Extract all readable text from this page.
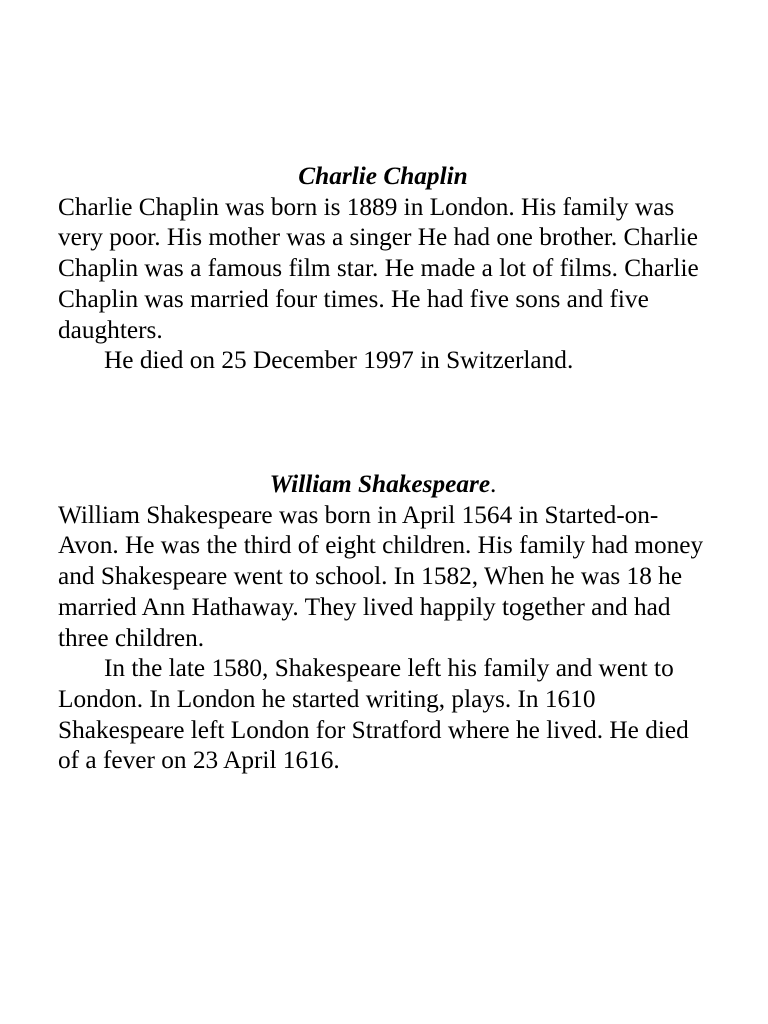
Charlie Chaplin

Charlie Chaplin was born is 1889 in London. His family was very poor. His mother was a singer He had one brother. Charlie Chaplin was a famous film star. He made a lot of films. Charlie Chaplin was married four times. He had five sons and five daughters.

He died on 25 December 1997 in Switzerland.

William Shakespeare.

William Shakespeare was born in April 1564 in Started-on-Avon. He was the third of eight children. His family had money and Shakespeare went to school. In 1582, When he was 18 he married Ann Hathaway. They lived happily together and had three children.

In the late 1580, Shakespeare left his family and went to London. In London he started writing, plays. In 1610 Shakespeare left London for Stratford where he lived. He died of a fever on 23 April 1616.
